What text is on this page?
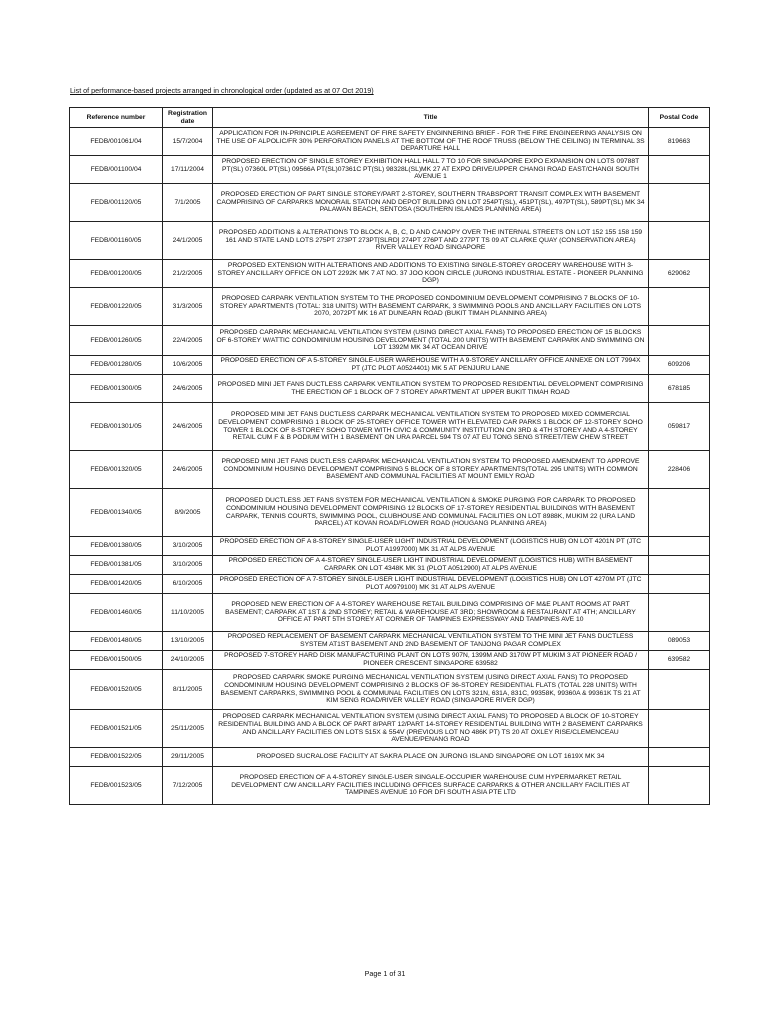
List of performance-based projects arranged in chronological order (updated as at 07 Oct 2019)
Reference number	Registration date	Title	Postal Code
FEDB/001061/04	15/7/2004	APPLICATION FOR IN-PRINCIPLE AGREEMENT OF FIRE SAFETY ENGINNERING BRIEF - FOR THE FIRE ENGINEERING ANALYSIS ON THE USE OF ALPOLIC/FR 30% PERFORATION PANELS AT THE BOTTOM OF THE ROOF TRUSS (BELOW THE CEILING) IN TERMINAL 3S DEPARTURE HALL	819663
FEDB/001100/04	17/11/2004	PROPOSED ERECTION OF SINGLE STOREY EXHIBITION HALL HALL 7 TO 10 FOR SINGAPORE EXPO EXPANSION ON LOTS 09788T PT(SL) 07360L PT(SL) 09566A PT(SL)07361C PT(SL) 98328L(SL)MK 27 AT EXPO DRIVE/UPPER CHANGI ROAD EAST/CHANGI SOUTH AVENUE 1	
FEDB/001120/05	7/1/2005	PROPOSED ERECTION OF PART SINGLE STOREY/PART 2-STOREY, SOUTHERN TRABSPORT TRANSIT COMPLEX WITH BASEMENT CAOMPRISING OF CARPARKS MONORAIL STATION AND DEPOT BUILDING ON LOT 254PT(SL), 451PT(SL), 497PT(SL), 589PT(SL) MK 34 PALAWAN BEACH, SENTOSA (SOUTHERN ISLANDS PLANNING AREA)	
FEDB/001160/05	24/1/2005	PROPOSED ADDITIONS & ALTERATIONS TO BLOCK A, B, C, D AND CANOPY OVER THE INTERNAL STREETS ON LOT 152 155 158 159 161 AND STATE LAND LOTS 275PT 273PT 273PT[SLRD] 274PT 276PT AND 277PT TS 09 AT CLARKE QUAY (CONSERVATION AREA) RIVER VALLEY ROAD SINGAPORE	
FEDB/001200/05	21/2/2005	PROPOSED EXTENSION WITH ALTERATIONS AND ADDITIONS TO EXISTING SINGLE-STOREY GROCERY WAREHOUSE WITH 3-STOREY ANCILLARY OFFICE ON LOT 2292K MK 7 AT NO. 37 JOO KOON CIRCLE (JURONG INDUSTRIAL ESTATE - PIONEER PLANNING DGP)	629062
FEDB/001220/05	31/3/2005	PROPOSED CARPARK VENTILATION SYSTEM TO THE PROPOSED CONDOMINIUM DEVELOPMENT COMPRISING 7 BLOCKS OF 10-STOREY APARTMENTS (TOTAL: 318 UNITS) WITH BASEMENT CARPARK, 3 SWIMMING POOLS AND ANCILLARY FACILITIES ON LOTS 2070, 2072PT MK 16 AT DUNEARN ROAD (BUKIT TIMAH PLANNING AREA)	
FEDB/001260/05	22/4/2005	PROPOSED CARPARK MECHANICAL VENTILATION SYSTEM (USING DIRECT AXIAL FANS) TO PROPOSED ERECTION OF 15 BLOCKS OF 6-STOREY W/ATTIC CONDOMINIUM HOUSING DEVELOPMENT (TOTAL 200 UNITS) WITH BASEMENT CARPARK AND SWIMMING ON LOT 1392M MK 34 AT OCEAN DRIVE	
FEDB/001280/05	10/6/2005	PROPOSED ERECTION OF A 5-STOREY SINGLE-USER WAREHOUSE WITH A 9-STOREY ANCILLARY OFFICE ANNEXE ON LOT 7994X PT (JTC PLOT A0524401) MK 5 AT PENJURU LANE	609206
FEDB/001300/05	24/6/2005	PROPOSED MINI JET FANS DUCTLESS CARPARK VENTILATION SYSTEM TO PROPOSED RESIDENTIAL DEVELOPMENT COMPRISING THE ERECTION OF 1 BLOCK OF 7 STOREY APARTMENT AT UPPER BUKIT TIMAH ROAD	678185
FEDB/001301/05	24/6/2005	PROPOSED MINI JET FANS DUCTLESS CARPARK MECHANICAL VENTILATION SYSTEM TO PROPOSED MIXED COMMERCIAL DEVELOPMENT COMPRISING 1 BLOCK OF 25-STOREY OFFICE TOWER WITH ELEVATED CAR PARKS 1 BLOCK OF 12-STOREY SOHO TOWER 1 BLOCK OF 8-STOREY SOHO TOWER WITH CIVIC & COMMUNITY INSTITUTION ON 3RD & 4TH STOREY AND A 4-STOREY RETAIL CUM F & B PODIUM WITH 1 BASEMENT ON URA PARCEL 594 TS 07 AT EU TONG SENG STREET/TEW CHEW STREET	059817
FEDB/001320/05	24/6/2005	PROPOSED MINI JET FANS DUCTLESS CARPARK MECHANICAL VENTILATION SYSTEM TO PROPOSED AMENDMENT TO APPROVE CONDOMINIUM HOUSING DEVELOPMENT COMPRISING 5 BLOCK OF 8 STOREY APARTMENTS(TOTAL 295 UNITS) WITH COMMON BASEMENT AND COMMUNAL FACILITIES AT MOUNT EMILY ROAD	228406
FEDB/001340/05	8/9/2005	PROPOSED DUCTLESS JET FANS SYSTEM FOR MECHANICAL VENTILATION & SMOKE PURGING FOR CARPARK TO PROPOSED CONDOMINIUM HOUSING DEVELOPMENT COMPRISING 12 BLOCKS OF 17-STOREY RESIDENTIAL BUILDINGS WITH BASEMENT CARPARK, TENNIS COURTS, SWIMMING POOL, CLUBHOUSE AND COMMUNAL FACILITIES ON LOT 8988K, MUKIM 22 (URA LAND PARCEL) AT KOVAN ROAD/FLOWER ROAD (HOUGANG PLANNING AREA)	
FEDB/001380/05	3/10/2005	PROPOSED ERECTION OF A 8-STOREY SINGLE-USER LIGHT INDUSTRIAL DEVELOPMENT (LOGISTICS HUB) ON LOT 4201N PT (JTC PLOT A1997000) MK 31 AT ALPS AVENUE	
FEDB/001381/05	3/10/2005	PROPOSED ERECTION OF A 4-STOREY SINGLE-USER LIGHT INDUSTRIAL DEVELOPMENT (LOGISTICS HUB) WITH BASEMENT CARPARK ON LOT 4348K MK 31 (PLOT A0512900) AT ALPS AVENUE	
FEDB/001420/05	6/10/2005	PROPOSED ERECTION OF A 7-STOREY SINGLE-USER LIGHT INDUSTRIAL DEVELOPMENT (LOGISTICS HUB) ON LOT 4270M PT (JTC PLOT A0979100) MK 31 AT ALPS AVENUE	
FEDB/001460/05	11/10/2005	PROPOSED NEW ERECTION OF A 4-STOREY WAREHOUSE RETAIL BUILDING COMPRISING OF M&E PLANT ROOMS AT PART BASEMENT; CARPARK AT 1ST & 2ND STOREY; RETAIL & WAREHOUSE AT 3RD; SHOWROOM & RESTAURANT AT 4TH; ANCILLARY OFFICE AT PART 5TH STOREY AT CORNER OF TAMPINES EXPRESSWAY AND TAMPINES AVE 10	
FEDB/001480/05	13/10/2005	PROPOSED REPLACEMENT OF BASEMENT CARPARK MECHANICAL VENTILATION SYSTEM TO THE MINI JET FANS DUCTLESS SYSTEM AT1ST BASEMENT AND 2ND BASEMENT OF TANJONG PAGAR COMPLEX	089053
FEDB/001500/05	24/10/2005	PROPOSED 7-STOREY HARD DISK MANUFACTURING PLANT ON LOTS 907N, 1399M AND 3170W PT MUKIM 3 AT PIONEER ROAD / PIONEER CRESCENT SINGAPORE 639582	639582
FEDB/001520/05	8/11/2005	PROPOSED CARPARK SMOKE PURGING MECHANICAL VENTILATION SYSTEM (USING DIRECT AXIAL FANS) TO PROPOSED CONDOMINIUM HOUSING DEVELOPMENT COMPRISING 2 BLOCKS OF 36-STOREY RESIDENTIAL FLATS (TOTAL 228 UNITS) WITH BASEMENT CARPARKS, SWIMMING POOL & COMMUNAL FACILITIES ON LOTS 321N, 631A, 831C, 99358K, 99360A & 99361K TS 21 AT KIM SENG ROAD/RIVER VALLEY ROAD (SINGAPORE RIVER DGP)	
FEDB/001521/05	25/11/2005	PROPOSED CARPARK MECHANICAL VENTILATION SYSTEM (USING DIRECT AXIAL FANS) TO PROPOSED A BLOCK OF 10-STOREY RESIDENTIAL BUILDING AND A BLOCK OF PART 8/PART 12/PART 14-STOREY RESIDENTIAL BUILDING WITH 2 BASEMENT CARPARKS AND ANCILLARY FACILITIES ON LOTS 515X & 554V (PREVIOUS LOT NO 486K PT) TS 20 AT OXLEY RISE/CLEMENCEAU AVENUE/PENANG ROAD	
FEDB/001522/05	29/11/2005	PROPOSED SUCRALOSE FACILITY AT SAKRA PLACE ON JURONG ISLAND SINGAPORE ON LOT 1619X MK 34	
FEDB/001523/05	7/12/2005	PROPOSED ERECTION OF A 4-STOREY SINGLE-USER SINGALE-OCCUPIER WAREHOUSE CUM HYPERMARKET RETAIL DEVELOPMENT C/W ANCILLARY FACILITIES INCLUDING OFFICES SURFACE CARPARKS & OTHER ANCILLARY FACILITIES AT TAMPINES AVENUE 10 FOR DFI SOUTH ASIA PTE LTD	
Page 1 of 31
